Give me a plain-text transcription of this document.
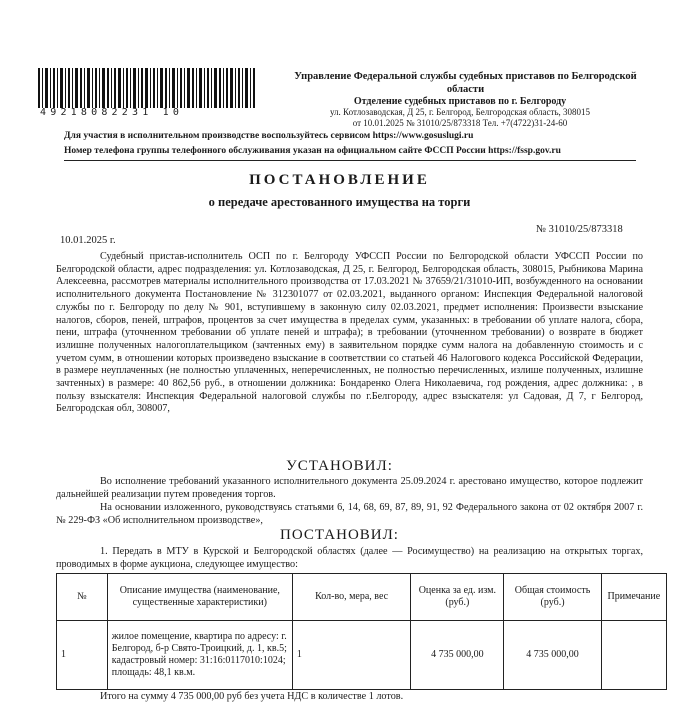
49218082231 10
Управление Федеральной службы судебных приставов по Белгородской
области
Отделение судебных приставов по г. Белгороду
ул. Котлозаводская, Д 25, г. Белгород, Белгородская область, 308015
от 10.01.2025 № 31010/25/873318 Тел. +7(4722)31-24-60
Для участия в исполнительном производстве воспользуйтесь сервисом https://www.gosuslugi.ru
Номер телефона группы телефонного обслуживания указан на официальном сайте ФССП России https://fssp.gov.ru
ПОСТАНОВЛЕНИЕ
о передаче арестованного имущества на торги
10.01.2025 г.
№ 31010/25/873318
Судебный пристав-исполнитель ОСП по г. Белгороду УФССП России по Белгородской области УФССП России по Белгородской области, адрес подразделения: ул. Котлозаводская, Д 25, г. Белгород, Белгородская область, 308015, Рыбникова Марина Алексеевна, рассмотрев материалы исполнительного производства от 17.03.2021 № 37659/21/31010-ИП, возбужденного на основании исполнительного документа Постановление № 312301077 от 02.03.2021, выданного органом: Инспекция Федеральной налоговой службы по г. Белгороду по делу № 901, вступившему в законную силу 02.03.2021, предмет исполнения: Произвести взыскание налогов, сборов, пеней, штрафов, процентов за счет имущества в пределах сумм, указанных: в требовании об уплате налога, сбора, пени, штрафа (уточненном требовании об уплате пеней и штрафа); в требовании (уточненном требовании) о возврате в бюджет излишне полученных налогоплательщиком (зачтенных ему) в заявительном порядке сумм налога на добавленную стоимость и с учетом сумм, в отношении которых произведено взыскание в соответствии со статьей 46 Налогового кодекса Российской Федерации, в размере неуплаченных (не полностью уплаченных, неперечисленных, не полностью перечисленных, излише полученных, излишне зачтенных) в размере: 40 862,56 руб., в отношении должника: Бондаренко Олега Николаевича, год рождения, адрес должника: , в пользу взыскателя: Инспекция Федеральной налоговой службы по г.Белгороду, адрес взыскателя: ул Садовая, Д 7, г Белгород, Белгородская обл, 308007,
УСТАНОВИЛ:
Во исполнение требований указанного исполнительного документа 25.09.2024 г. арестовано имущество, которое подлежит дальнейшей реализации путем проведения торгов.
На основании изложенного, руководствуясь статьями 6, 14, 68, 69, 87, 89, 91, 92 Федерального закона от 02 октября 2007 г. № 229-ФЗ «Об исполнительном производстве»,
ПОСТАНОВИЛ:
1. Передать в МТУ в Курской и Белгородской областях (далее — Росимущество) на реализацию на открытых торгах, проводимых в форме аукциона, следующее имущество:
№	Описание имущества (наименование, существенные характеристики)	Кол-во, мера, вес	Оценка за ед. изм. (руб.)	Общая стоимость (руб.)	Примечание
1	жилое помещение, квартира по адресу: г. Белгород, б-р Свято-Троицкий, д. 1, кв.5; кадастровый номер: 31:16:0117010:1024; площадь: 48,1 кв.м.	1	4 735 000,00	4 735 000,00	
Итого на сумму 4 735 000,00 руб без учета НДС в количестве 1 лотов.
